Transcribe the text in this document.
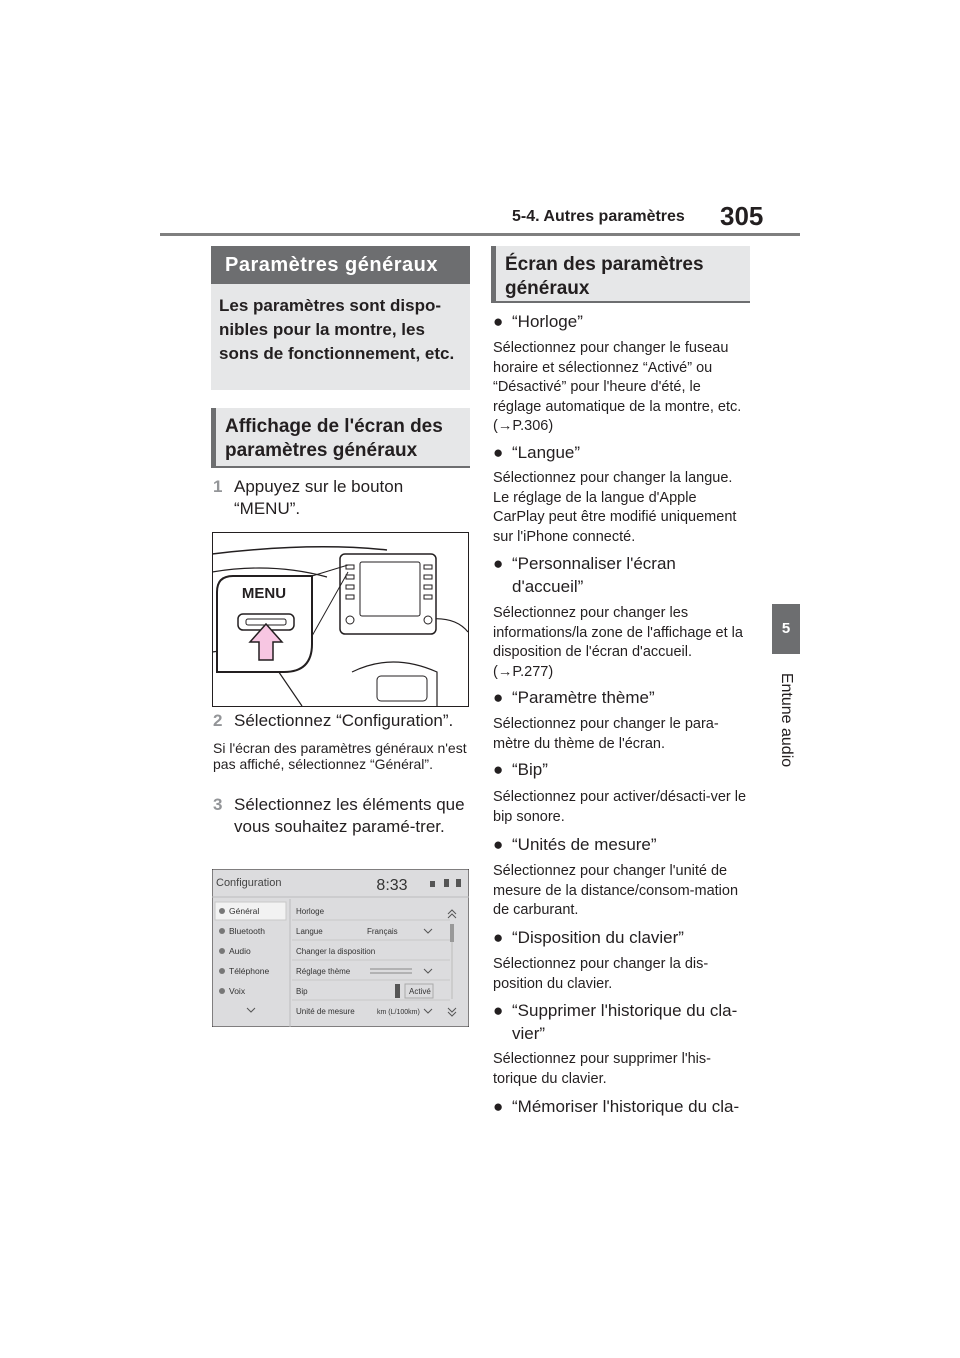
5-4. Autres paramètres 305
5
Entune audio
Paramètres généraux
Les paramètres sont dispo-nibles pour la montre, les sons de fonctionnement, etc.
Affichage de l'écran des paramètres généraux
1 Appuyez sur le bouton “MENU”.
MENU
2 Sélectionnez “Configuration”.
Si l'écran des paramètres généraux n'est pas affiché, sélectionnez “Général”.
3 Sélectionnez les éléments que vous souhaitez paramé-trer.
Configuration	8:33
Général
Bluetooth
Audio
Téléphone
Voix
Horloge
Langue	Français
Changer la disposition
Réglage thème
Bip	Activé
Unité de mesure	km (L/100km)
Écran des paramètres généraux
● “Horloge”
Sélectionnez pour changer le fuseau horaire et sélectionnez “Activé” ou “Désactivé” pour l'heure d'été, le réglage automatique de la montre, etc. (→P.306)
● “Langue”
Sélectionnez pour changer la langue. Le réglage de la langue d'Apple CarPlay peut être modifié uniquement sur l'iPhone connecté.
● “Personnaliser l'écran d'accueil”
Sélectionnez pour changer les informations/la zone de l'affichage et la disposition de l'écran d'accueil. (→P.277)
● “Paramètre thème”
Sélectionnez pour changer le para-mètre du thème de l'écran.
● “Bip”
Sélectionnez pour activer/désacti-ver le bip sonore.
● “Unités de mesure”
Sélectionnez pour changer l'unité de mesure de la distance/consom-mation de carburant.
● “Disposition du clavier”
Sélectionnez pour changer la dis-position du clavier.
● “Supprimer l'historique du cla-vier”
Sélectionnez pour supprimer l'his-torique du clavier.
● “Mémoriser l'historique du cla-
